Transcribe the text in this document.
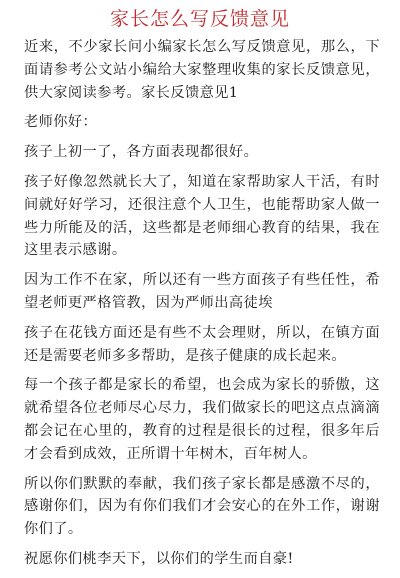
家长怎么写反馈意见

近来，不少家长问小编家长怎么写反馈意见，那么，下面请参考公文站小编给大家整理收集的家长反馈意见，供大家阅读参考。家长反馈意见1

老师你好：

孩子上初一了，各方面表现都很好。

孩子好像忽然就长大了，知道在家帮助家人干活，有时间就好好学习，还很注意个人卫生，也能帮助家人做一些力所能及的活，这些都是老师细心教育的结果，我在这里表示感谢。

因为工作不在家，所以还有一些方面孩子有些任性，希望老师更严格管教，因为严师出高徒埃

孩子在花钱方面还是有些不太会理财，所以，在镇方面还是需要老师多多帮助，是孩子健康的成长起来。

每一个孩子都是家长的希望，也会成为家长的骄傲，这就希望各位老师尽心尽力，我们做家长的吧这点点滴滴都会记在心里的，教育的过程是很长的过程，很多年后才会看到成效，正所谓十年树木，百年树人。

所以你们默默的奉献，我们孩子家长都是感激不尽的，感谢你们，因为有你们我们才会安心的在外工作，谢谢你们了。

祝愿你们桃李天下，以你们的学生而自豪!
